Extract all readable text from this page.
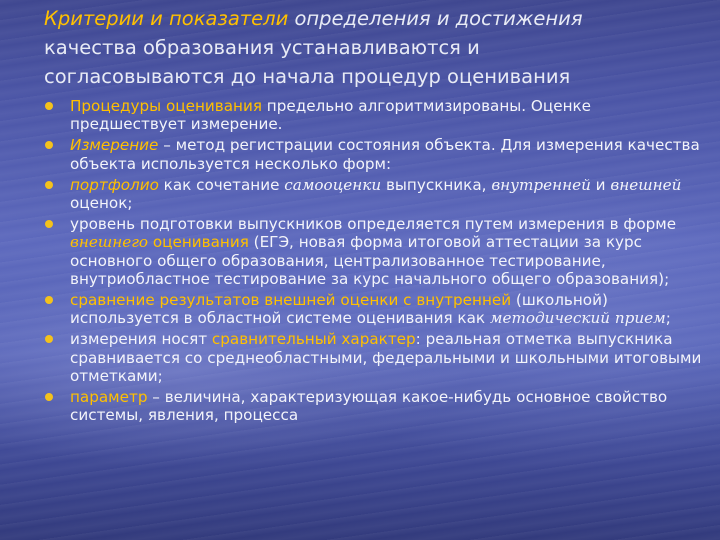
Критерии и показатели определения и достижения
качества образования устанавливаются и
согласовываются до начала процедур оценивания
Процедуры оценивания предельно алгоритмизированы. Оценке предшествует измерение.
Измерение – метод регистрации состояния объекта. Для измерения качества объекта используется несколько форм:
портфолио как сочетание самооценки выпускника, внутренней и внешней оценок;
уровень подготовки выпускников определяется путем измерения в форме внешнего оценивания (ЕГЭ, новая форма итоговой аттестации за курс основного общего образования, централизованное тестирование, внутриобластное тестирование за курс начального общего образования);
сравнение результатов внешней оценки с внутренней (школьной) используется в областной системе оценивания как методический прием;
измерения носят сравнительный характер: реальная отметка выпускника сравнивается со среднеобластными, федеральными и школьными итоговыми отметками;
параметр – величина, характеризующая какое-нибудь основное свойство системы, явления, процесса
